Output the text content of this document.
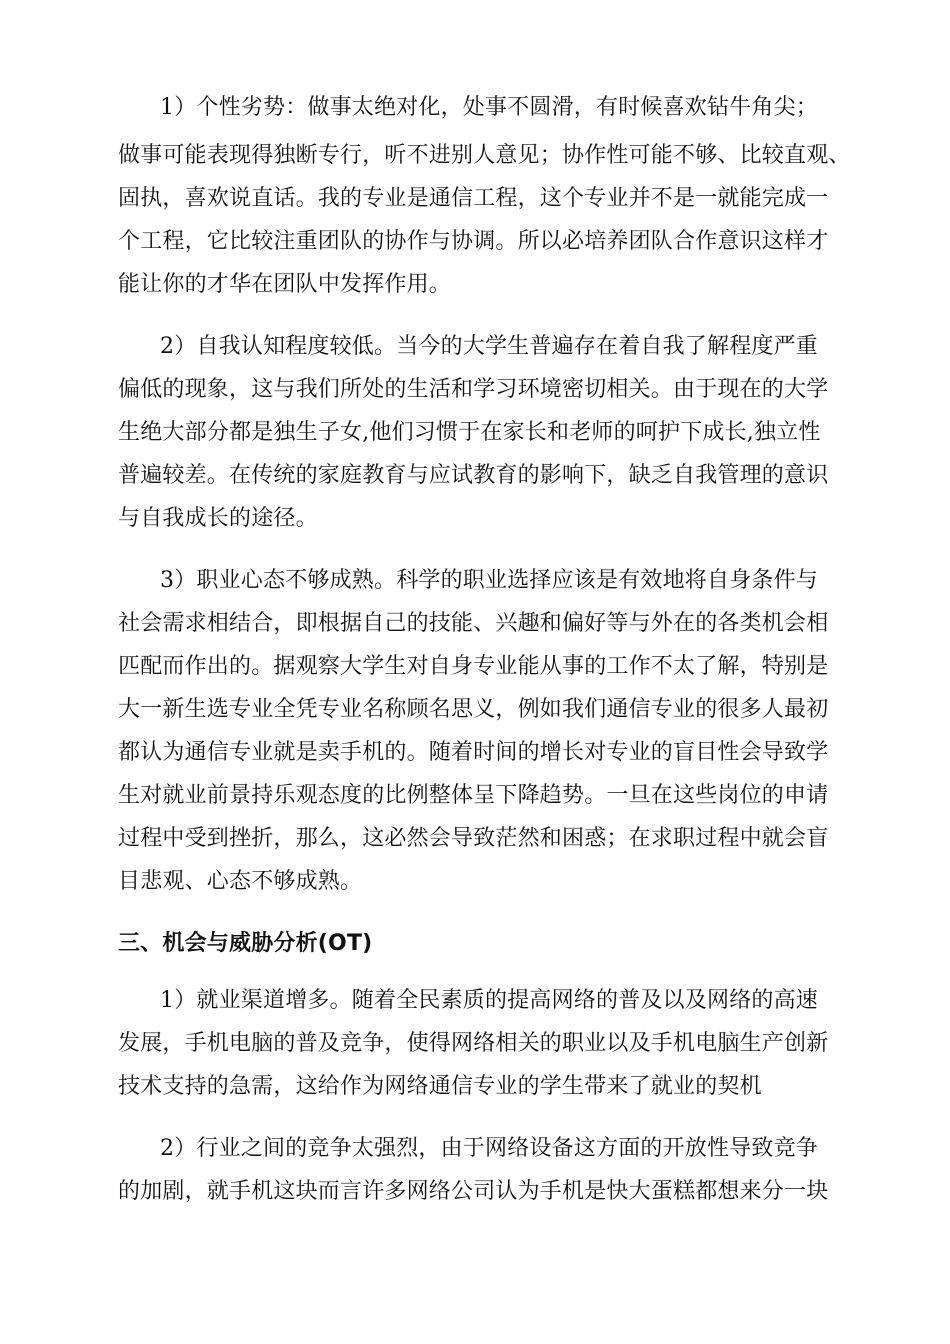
1）个性劣势：做事太绝对化，处事不圆滑，有时候喜欢钻牛角尖；
做事可能表现得独断专行，听不进别人意见；协作性可能不够、比较直观、
固执，喜欢说直话。我的专业是通信工程，这个专业并不是一就能完成一
个工程，它比较注重团队的协作与协调。所以必培养团队合作意识这样才
能让你的才华在团队中发挥作用。
2）自我认知程度较低。当今的大学生普遍存在着自我了解程度严重
偏低的现象，这与我们所处的生活和学习环境密切相关。由于现在的大学
生绝大部分都是独生子女,他们习惯于在家长和老师的呵护下成长,独立性
普遍较差。在传统的家庭教育与应试教育的影响下，缺乏自我管理的意识
与自我成长的途径。
3）职业心态不够成熟。科学的职业选择应该是有效地将自身条件与
社会需求相结合，即根据自己的技能、兴趣和偏好等与外在的各类机会相
匹配而作出的。据观察大学生对自身专业能从事的工作不太了解，特别是
大一新生选专业全凭专业名称顾名思义，例如我们通信专业的很多人最初
都认为通信专业就是卖手机的。随着时间的增长对专业的盲目性会导致学
生对就业前景持乐观态度的比例整体呈下降趋势。一旦在这些岗位的申请
过程中受到挫折，那么，这必然会导致茫然和困惑；在求职过程中就会盲
目悲观、心态不够成熟。
三、机会与威胁分析(OT)
1）就业渠道增多。随着全民素质的提高网络的普及以及网络的高速
发展，手机电脑的普及竞争，使得网络相关的职业以及手机电脑生产创新
技术支持的急需，这给作为网络通信专业的学生带来了就业的契机
2）行业之间的竞争太强烈，由于网络设备这方面的开放性导致竞争
的加剧，就手机这块而言许多网络公司认为手机是快大蛋糕都想来分一块
